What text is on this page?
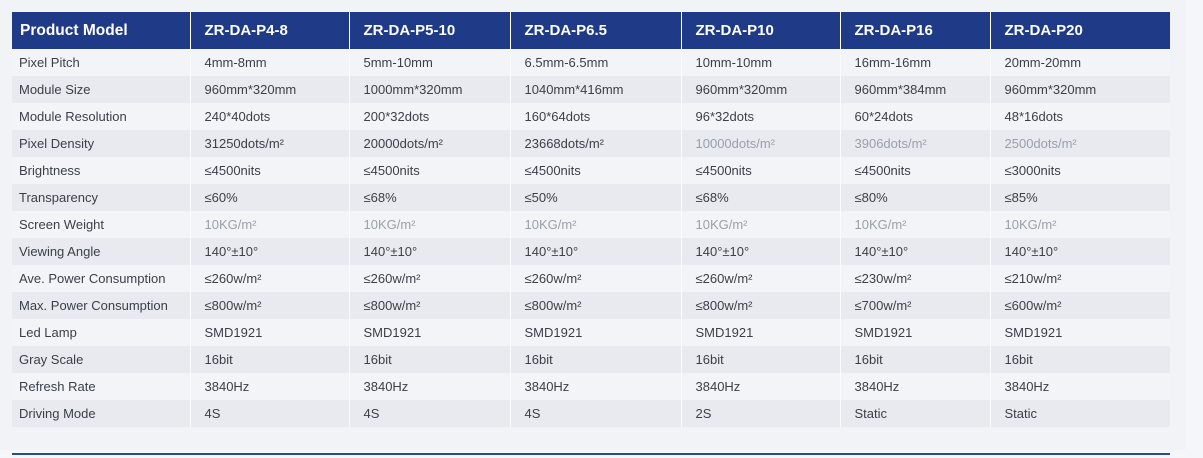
Product Model	ZR-DA-P4-8	ZR-DA-P5-10	ZR-DA-P6.5	ZR-DA-P10	ZR-DA-P16	ZR-DA-P20
Pixel Pitch	4mm-8mm	5mm-10mm	6.5mm-6.5mm	10mm-10mm	16mm-16mm	20mm-20mm
Module Size	960mm*320mm	1000mm*320mm	1040mm*416mm	960mm*320mm	960mm*384mm	960mm*320mm
Module Resolution	240*40dots	200*32dots	160*64dots	96*32dots	60*24dots	48*16dots
Pixel Density	31250dots/m²	20000dots/m²	23668dots/m²	10000dots/m²	3906dots/m²	2500dots/m²
Brightness	≤4500nits	≤4500nits	≤4500nits	≤4500nits	≤4500nits	≤3000nits
Transparency	≤60%	≤68%	≤50%	≤68%	≤80%	≤85%
Screen Weight	10KG/m²	10KG/m²	10KG/m²	10KG/m²	10KG/m²	10KG/m²
Viewing Angle	140°±10°	140°±10°	140°±10°	140°±10°	140°±10°	140°±10°
Ave. Power Consumption	≤260w/m²	≤260w/m²	≤260w/m²	≤260w/m²	≤230w/m²	≤210w/m²
Max. Power Consumption	≤800w/m²	≤800w/m²	≤800w/m²	≤800w/m²	≤700w/m²	≤600w/m²
Led Lamp	SMD1921	SMD1921	SMD1921	SMD1921	SMD1921	SMD1921
Gray Scale	16bit	16bit	16bit	16bit	16bit	16bit
Refresh Rate	3840Hz	3840Hz	3840Hz	3840Hz	3840Hz	3840Hz
Driving Mode	4S	4S	4S	2S	Static	Static
